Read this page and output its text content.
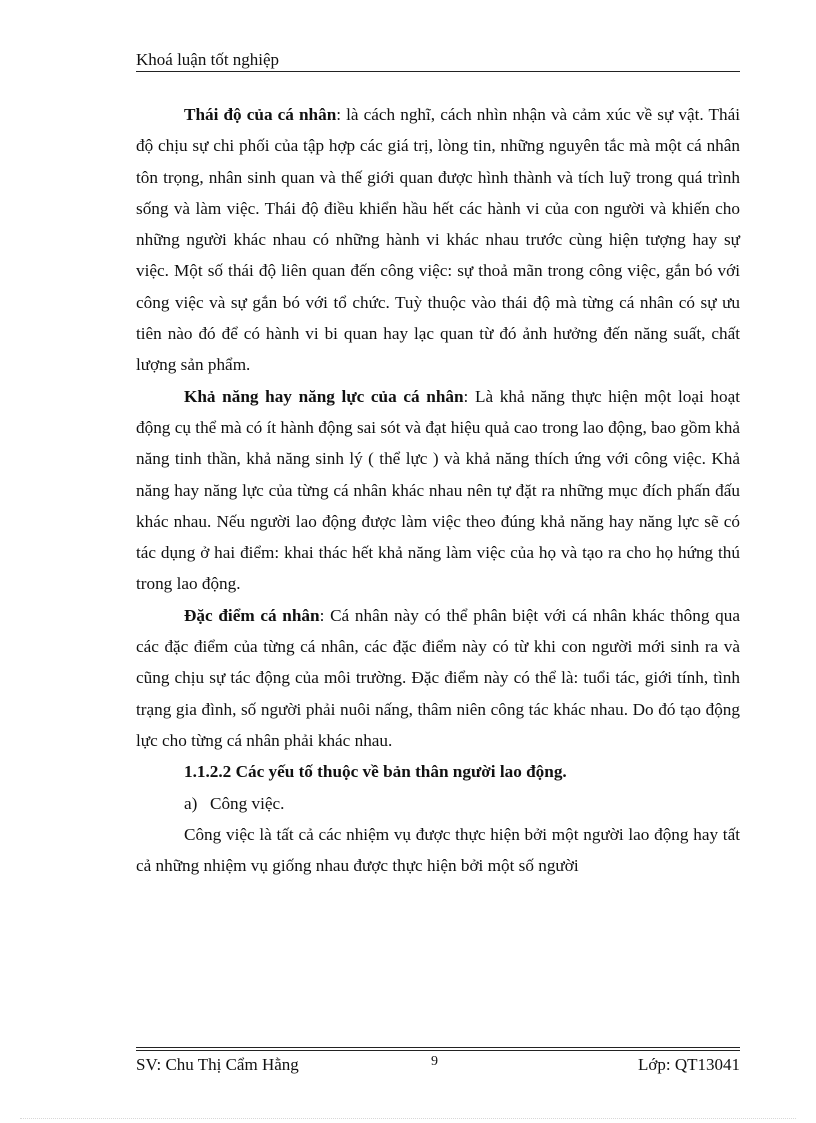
Khoá luận tốt nghiệp

Thái độ của cá nhân: là cách nghĩ, cách nhìn nhận và cảm xúc về sự vật. Thái độ chịu sự chi phối của tập hợp các giá trị, lòng tin, những nguyên tắc mà một cá nhân tôn trọng, nhân sinh quan và thế giới quan được hình thành và tích luỹ trong quá trình sống và làm việc. Thái độ điều khiển hầu hết các hành vi của con người và khiến cho những người khác nhau có những hành vi khác nhau trước cùng hiện tượng hay sự việc. Một số thái độ liên quan đến công việc: sự thoả mãn trong công việc, gắn bó với công việc và sự gắn bó với tổ chức. Tuỳ thuộc vào thái độ mà từng cá nhân có sự ưu tiên nào đó để có hành vi bi quan hay lạc quan từ đó ảnh hưởng đến năng suất, chất lượng sản phẩm.

Khả năng hay năng lực của cá nhân: Là khả năng thực hiện một loại hoạt động cụ thể mà có ít hành động sai sót và đạt hiệu quả cao trong lao động, bao gồm khả năng tinh thần, khả năng sinh lý ( thể lực ) và khả năng thích ứng với công việc. Khả năng hay năng lực của từng cá nhân khác nhau nên tự đặt ra những mục đích phấn đấu khác nhau. Nếu người lao động được làm việc theo đúng khả năng hay năng lực sẽ có tác dụng ở hai điểm: khai thác hết khả năng làm việc của họ và tạo ra cho họ hứng thú trong lao động.

Đặc điểm cá nhân: Cá nhân này có thể phân biệt với cá nhân khác thông qua các đặc điểm của từng cá nhân, các đặc điểm này có từ khi con người mới sinh ra và cũng chịu sự tác động của môi trường. Đặc điểm này có thể là: tuổi tác, giới tính, tình trạng gia đình, số người phải nuôi nấng, thâm niên công tác khác nhau. Do đó tạo động lực cho từng cá nhân phải khác nhau.

1.1.2.2 Các yếu tố thuộc về bản thân người lao động.

a) Công việc.

Công việc là tất cả các nhiệm vụ được thực hiện bởi một người lao động hay tất cả những nhiệm vụ giống nhau được thực hiện bởi một số người

SV: Chu Thị Cẩm Hằng	9	Lớp: QT13041
